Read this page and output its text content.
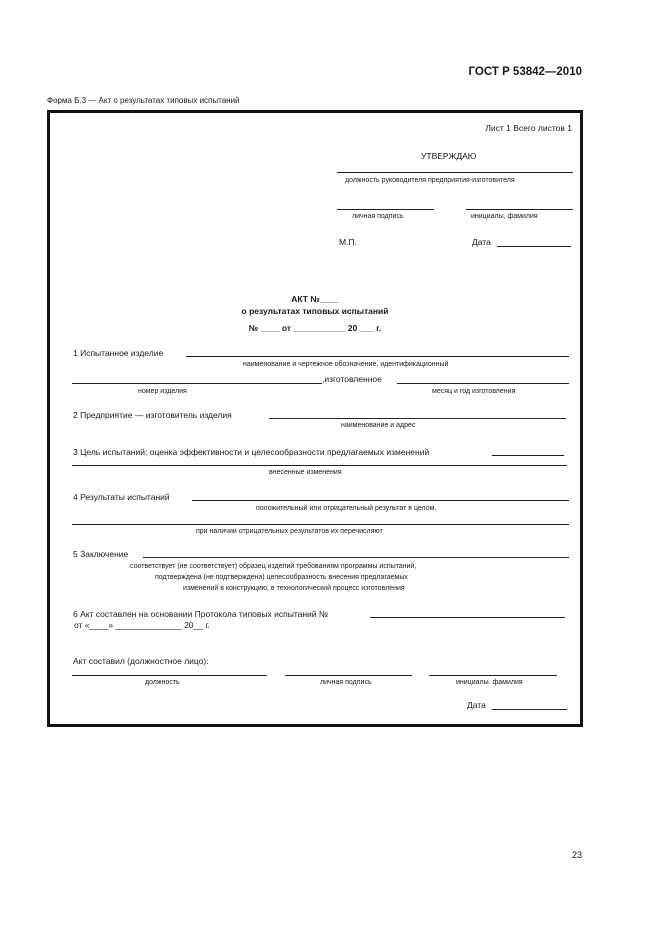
ГОСТ Р 53842—2010
Форма Б.3 — Акт о результатах типовых испытаний
Лист 1 Всего листов 1
УТВЕРЖДАЮ
должность руководителя предприятия-изготовителя
личная подпись	инициалы, фамилия
М.П.	Дата
АКТ №____
о результатах типовых испытаний
№ ____ от ___________ 20 ___ г.
1 Испытанное изделие
наименование и чертежное обозначение, идентификационный
,изготовленное
номер изделия	месяц и год изготовления
2 Предприятие — изготовитель изделия
наименование и адрес
3 Цель испытаний: оценка эффективности и целесообразности предлагаемых изменений
внесенные изменения
4 Результаты испытаний
положительный или отрицательный результат в целом,
при наличии отрицательных результатов их перечисляют
5 Заключение
соответствует (не соответствует) образец изделий требованиям программы испытаний,
подтверждена (не подтверждена) целесообразность внесения предлагаемых
изменений в конструкцию, в технологический процесс изготовления
6 Акт составлен на основании Протокола типовых испытаний №
от «____» ______________ 20__ г.
Акт составил (должностное лицо):
должность	личная подпись	инициалы. фамилия
Дата
23
